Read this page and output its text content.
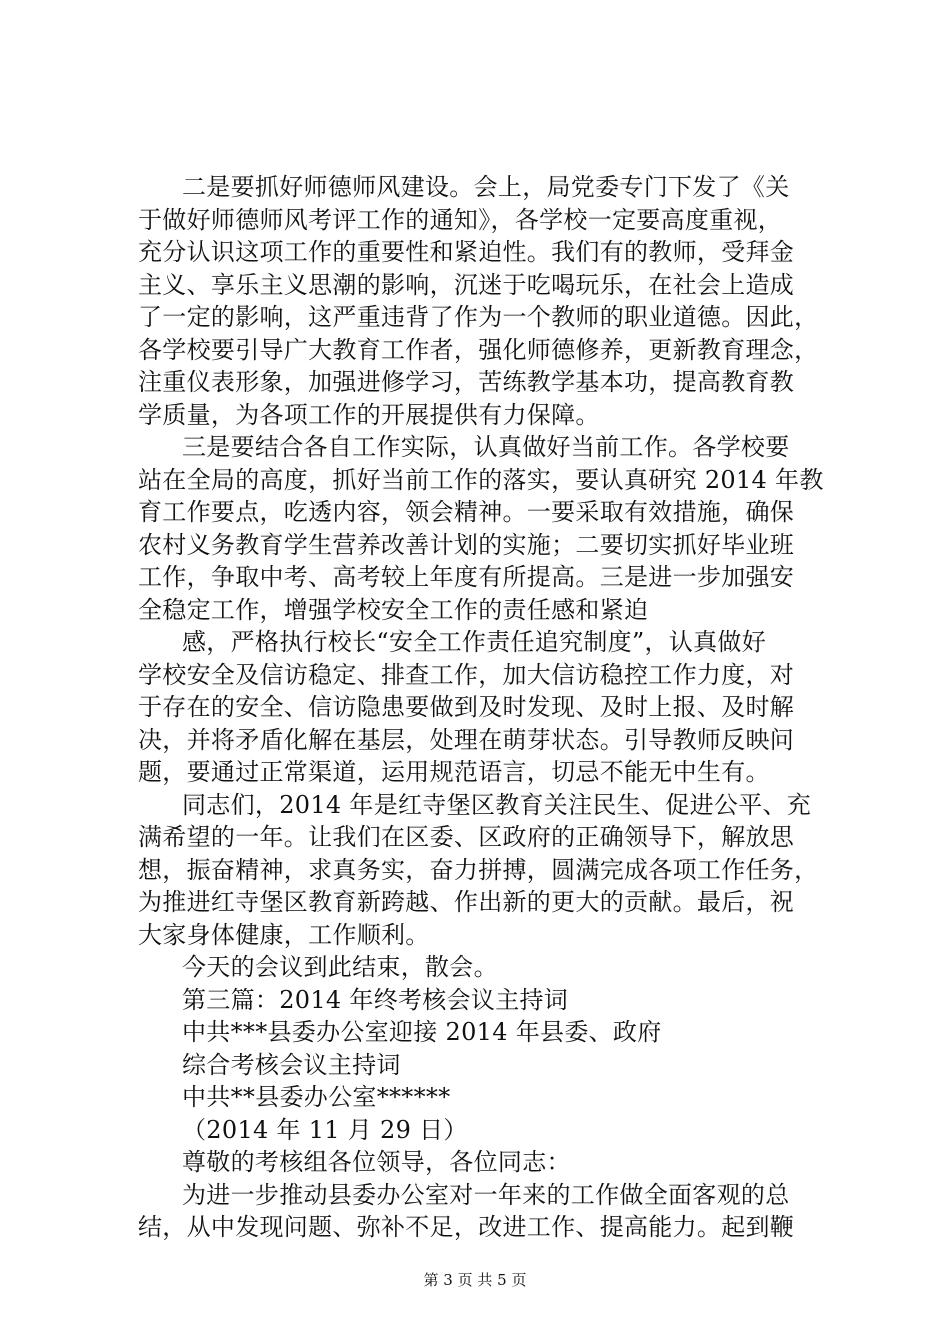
二是要抓好师德师风建设。会上，局党委专门下发了《关
于做好师德师风考评工作的通知》，各学校一定要高度重视，
充分认识这项工作的重要性和紧迫性。我们有的教师，受拜金
主义、享乐主义思潮的影响，沉迷于吃喝玩乐，在社会上造成
了一定的影响，这严重违背了作为一个教师的职业道德。因此，
各学校要引导广大教育工作者，强化师德修养，更新教育理念，
注重仪表形象，加强进修学习，苦练教学基本功，提高教育教
学质量，为各项工作的开展提供有力保障。
三是要结合各自工作实际，认真做好当前工作。各学校要
站在全局的高度，抓好当前工作的落实，要认真研究 2014 年教
育工作要点，吃透内容，领会精神。一要采取有效措施，确保
农村义务教育学生营养改善计划的实施；二要切实抓好毕业班
工作，争取中考、高考较上年度有所提高。三是进一步加强安
全稳定工作，增强学校安全工作的责任感和紧迫
感，严格执行校长“安全工作责任追究制度”，认真做好
学校安全及信访稳定、排查工作，加大信访稳控工作力度，对
于存在的安全、信访隐患要做到及时发现、及时上报、及时解
决，并将矛盾化解在基层，处理在萌芽状态。引导教师反映问
题，要通过正常渠道，运用规范语言，切忌不能无中生有。
同志们，2014 年是红寺堡区教育关注民生、促进公平、充
满希望的一年。让我们在区委、区政府的正确领导下，解放思
想，振奋精神，求真务实，奋力拼搏，圆满完成各项工作任务，
为推进红寺堡区教育新跨越、作出新的更大的贡献。最后，祝
大家身体健康，工作顺利。
今天的会议到此结束，散会。
第三篇：2014 年终考核会议主持词
中共***县委办公室迎接 2014 年县委、政府
综合考核会议主持词
中共**县委办公室******
（2014 年 11 月 29 日）
尊敬的考核组各位领导，各位同志：
为进一步推动县委办公室对一年来的工作做全面客观的总
结，从中发现问题、弥补不足，改进工作、提高能力。起到鞭
第 3 页 共 5 页
